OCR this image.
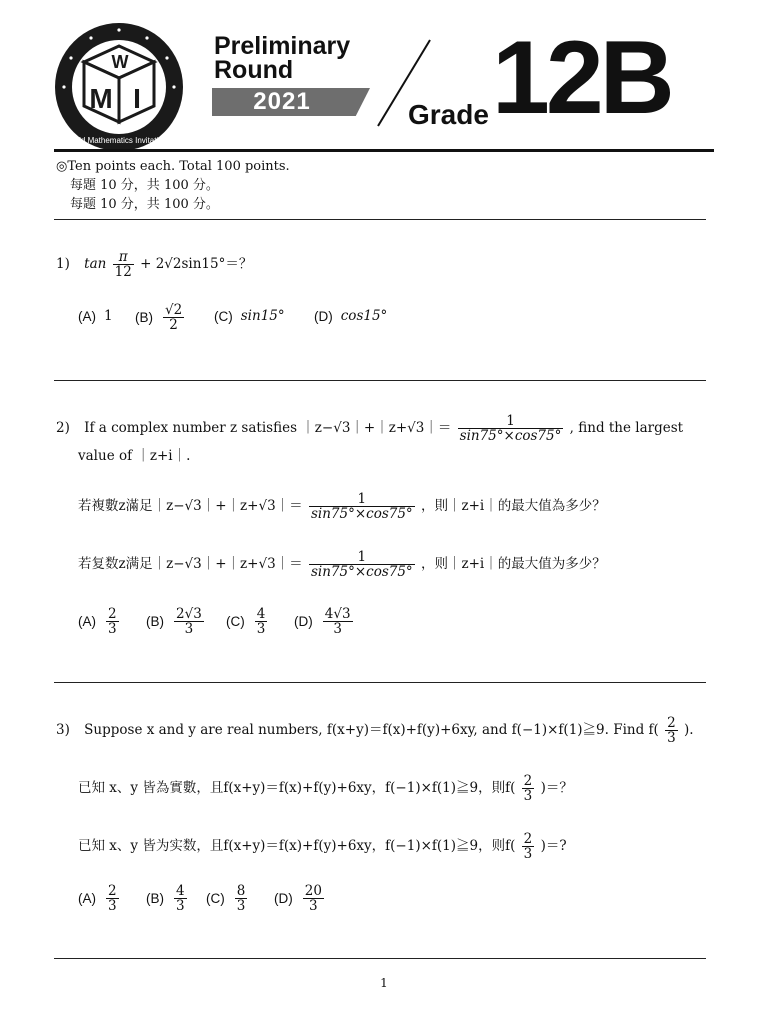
World Mathematics Invitational
W
M I
Preliminary
Round
2021	Grade 12B
◎Ten points each. Total 100 points.
每題 10 分，共 100 分。
每题 10 分，共 100 分。
1) $\tan \frac{\pi}{12} + 2√2\sin 15^\circ=$？
(A) 1 $(B) \frac{√2}{2} (C)$ sin15° (D) cos15°
2) If a complex number z satisfies ｜z−√3｜+｜z+√3｜＝ $\frac{1}{\sin 75^\circ\times\cos 75^\circ}$ , find the largest
value of ｜z+i｜.
若複數z滿足｜z−√3｜+｜z+√3｜＝ $\frac{1}{\sin 75^\circ\times\cos 75^\circ}$ ，則｜z+i｜的最大值為多少？
若复数z满足｜z−√3｜+｜z+√3｜＝ $\frac{1}{\sin 75^\circ\times\cos 75^\circ}$ ，则｜z+i｜的最大值为多少？
$(A) \frac{2}{3} (B) \frac{2√3}{3} (C) \frac{4}{3} (D) \frac{4√3}{3}$
3) Suppose x and y are real numbers, f(x+y)＝f(x)+f(y)+6xy, and f(−1)×f(1)≧9. Find $f( \frac{2}{3}$ ).
已知 x、y 皆為實數，且f(x+y)＝f(x)+f(y)+6xy，f(−1)×f(1)≧9，則$f( \frac{2}{3}$ )＝？
已知 x、y 皆为实数，且f(x+y)＝f(x)+f(y)+6xy，f(−1)×f(1)≧9，则$f( \frac{2}{3}$ )＝?
$(A) \frac{2}{3} (B) \frac{4}{3} (C) \frac{8}{3} (D) \frac{20}{3}$
1
